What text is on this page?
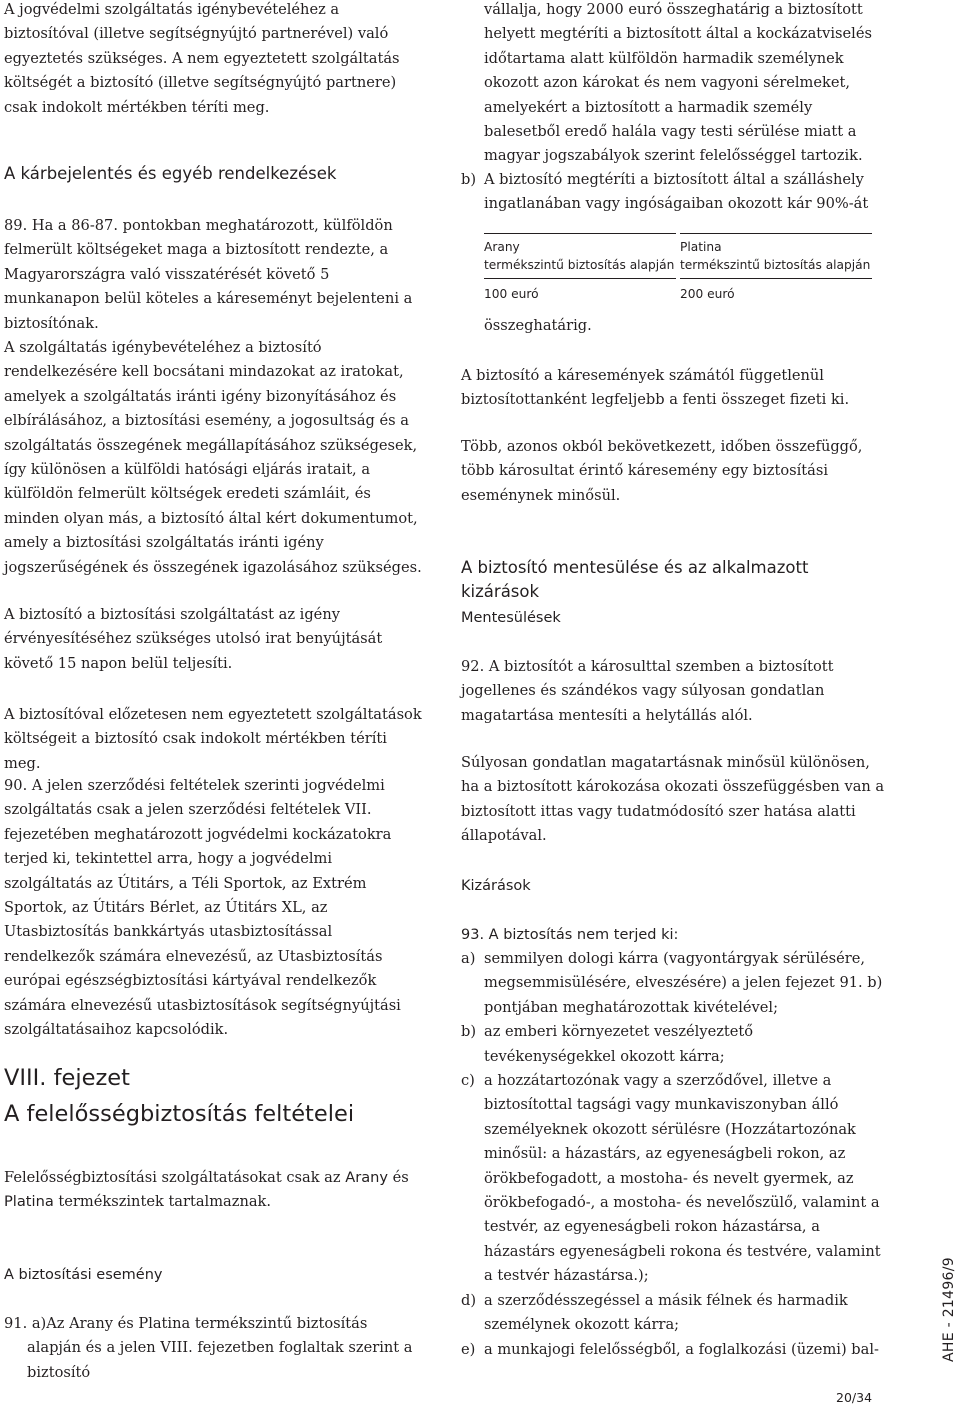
A jogvédelmi szolgáltatás igénybevételéhez a biztosítóval (illetve segítségnyújtó partnerével) való egyeztetés szükséges. A nem egyeztetett szolgáltatás költségét a biztosító (illetve segítségnyújtó partnere) csak indokolt mértékben téríti meg.

A kárbejelentés és egyéb rendelkezések

89. Ha a 86-87. pontokban meghatározott, külföldön felmerült költségeket maga a biztosított rendezte, a Magyarországra való visszatérését követő 5 munkanapon belül köteles a káreseményt bejelenteni a biztosítónak.

A szolgáltatás igénybevételéhez a biztosító rendelkezésére kell bocsátani mindazokat az iratokat, amelyek a szolgáltatás iránti igény bizonyításához és elbírálásához, a biztosítási esemény, a jogosultság és a szolgáltatás összegének megállapításához szükségesek, így különösen a külföldi hatósági eljárás iratait, a külföldön felmerült költségek eredeti számláit, és minden olyan más, a biztosító által kért dokumentumot, amely a biztosítási szolgáltatás iránti igény jogszerűségének és összegének igazolásához szükséges.

A biztosító a biztosítási szolgáltatást az igény érvényesítéséhez szükséges utolsó irat benyújtását követő 15 napon belül teljesíti.

A biztosítóval előzetesen nem egyeztetett szolgáltatások költségeit a biztosító csak indokolt mértékben téríti meg.

90. A jelen szerződési feltételek szerinti jogvédelmi szolgáltatás csak a jelen szerződési feltételek VII. fejezetében meghatározott jogvédelmi kockázatokra terjed ki, tekintettel arra, hogy a jogvédelmi szolgáltatás az Útitárs, a Téli Sportok, az Extrém Sportok, az Útitárs Bérlet, az Útitárs XL, az Utasbiztosítás bankkártyás utasbiztosítással rendelkezők számára elnevezésű, az Utasbiztosítás európai egészségbiztosítási kártyával rendelkezők számára elnevezésű utasbiztosítások segítségnyújtási szolgáltatásaihoz kapcsolódik.

VIII. fejezet
A felelősségbiztosítás feltételei

Felelősségbiztosítási szolgáltatásokat csak az Arany és Platina termékszintek tartalmaznak.

A biztosítási esemény

91. a)Az Arany és Platina termékszintű biztosítás alapján és a jelen VIII. fejezetben foglaltak szerint a biztosító

vállalja, hogy 2000 euró összeghatárig a biztosított helyett megtéríti a biztosított által a kockázatviselés időtartama alatt külföldön harmadik személynek okozott azon károkat és nem vagyoni sérelmeket, amelyekért a biztosított a harmadik személy balesetből eredő halála vagy testi sérülése miatt a magyar jogszabályok szerint felelősséggel tartozik.

b) A biztosító megtéríti a biztosított által a szálláshely ingatlanában vagy ingóságaiban okozott kár 90%-át
Arany
termékszintű biztosítás alapján
100 euró
Platina
termékszintű biztosítás alapján
200 euró

összeghatárig.

A biztosító a káresemények számától függetlenül biztosítottanként legfeljebb a fenti összeget fizeti ki.

Több, azonos okból bekövetkezett, időben összefüggő, több károsultat érintő káresemény egy biztosítási eseménynek minősül.

A biztosító mentesülése és az alkalmazott kizárások
Mentesülések

92. A biztosítót a károsulttal szemben a biztosított jogellenes és szándékos vagy súlyosan gondatlan magatartása mentesíti a helytállás alól.

Súlyosan gondatlan magatartásnak minősül különösen, ha a biztosított károkozása okozati összefüggésben van a biztosított ittas vagy tudatmódosító szer hatása alatti állapotával.

Kizárások
93. A biztosítás nem terjed ki:
a) semmilyen dologi kárra (vagyontárgyak sérülésére, megsemmisülésére, elveszésére) a jelen fejezet 91. b) pontjában meghatározottak kivételével;
b) az emberi környezetet veszélyeztető tevékenységekkel okozott kárra;
c) a hozzátartozónak vagy a szerződővel, illetve a biztosítottal tagsági vagy munkaviszonyban álló személyeknek okozott sérülésre (Hozzátartozónak minősül: a házastárs, az egyeneságbeli rokon, az örökbefogadott, a mostoha- és nevelt gyermek, az örökbefogadó-, a mostoha- és nevelőszülő, valamint a testvér, az egyeneságbeli rokon házastársa, a házastárs egyeneságbeli rokona és testvére, valamint a testvér házastársa.);
d) a szerződésszegéssel a másik félnek és harmadik személynek okozott kárra;
e) a munkajogi felelősségből, a foglalkozási (üzemi) bal-	AHE - 21496/9
20/34
